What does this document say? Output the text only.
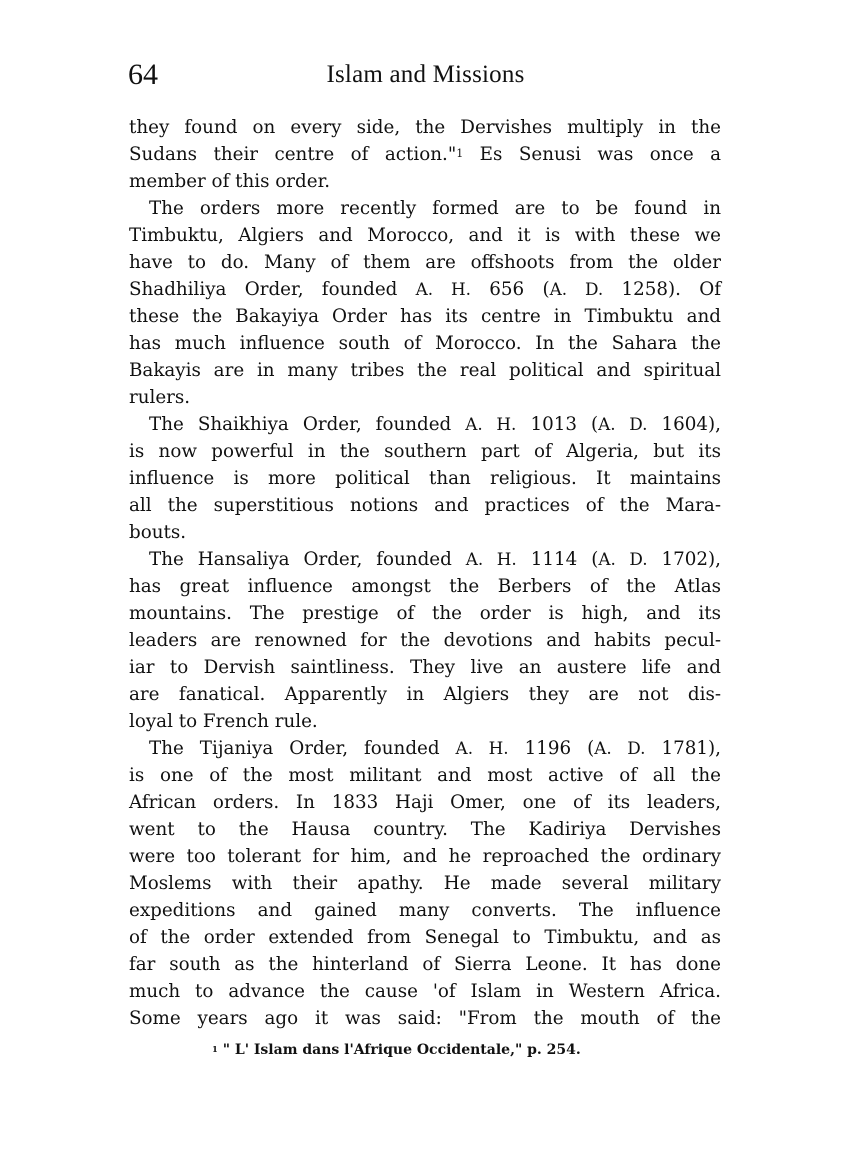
64	Islam and Missions
they found on every side, the Dervishes multiply in the
Sudans their centre of action."$^1$ Es Senusi was once a
member of this order.
The orders more recently formed are to be found in
Timbuktu, Algiers and Morocco, and it is with these we
have to do. Many of them are offshoots from the older
Shadhiliya Order, founded A. H. 656 (A. D. 1258). Of
these the Bakayiya Order has its centre in Timbuktu and
has much influence south of Morocco. In the Sahara the
Bakayis are in many tribes the real political and spiritual
rulers.
The Shaikhiya Order, founded A. H. 1013 (A. D. 1604),
is now powerful in the southern part of Algeria, but its
influence is more political than religious. It maintains
all the superstitious notions and practices of the Mara-
bouts.
The Hansaliya Order, founded A. H. 1114 (A. D. 1702),
has great influence amongst the Berbers of the Atlas
mountains. The prestige of the order is high, and its
leaders are renowned for the devotions and habits pecul-
iar to Dervish saintliness. They live an austere life and
are fanatical. Apparently in Algiers they are not dis-
loyal to French rule.
The Tijaniya Order, founded A. H. 1196 (A. D. 1781),
is one of the most militant and most active of all the
African orders. In 1833 Haji Omer, one of its leaders,
went to the Hausa country. The Kadiriya Dervishes
were too tolerant for him, and he reproached the ordinary
Moslems with their apathy. He made several military
expeditions and gained many converts. The influence
of the order extended from Senegal to Timbuktu, and as
far south as the hinterland of Sierra Leone. It has done
much to advance the cause 'of Islam in Western Africa.
Some years ago it was said: "From the mouth of the
$^1$ " L' Islam dans l'Afrique Occidentale," p. 254.
